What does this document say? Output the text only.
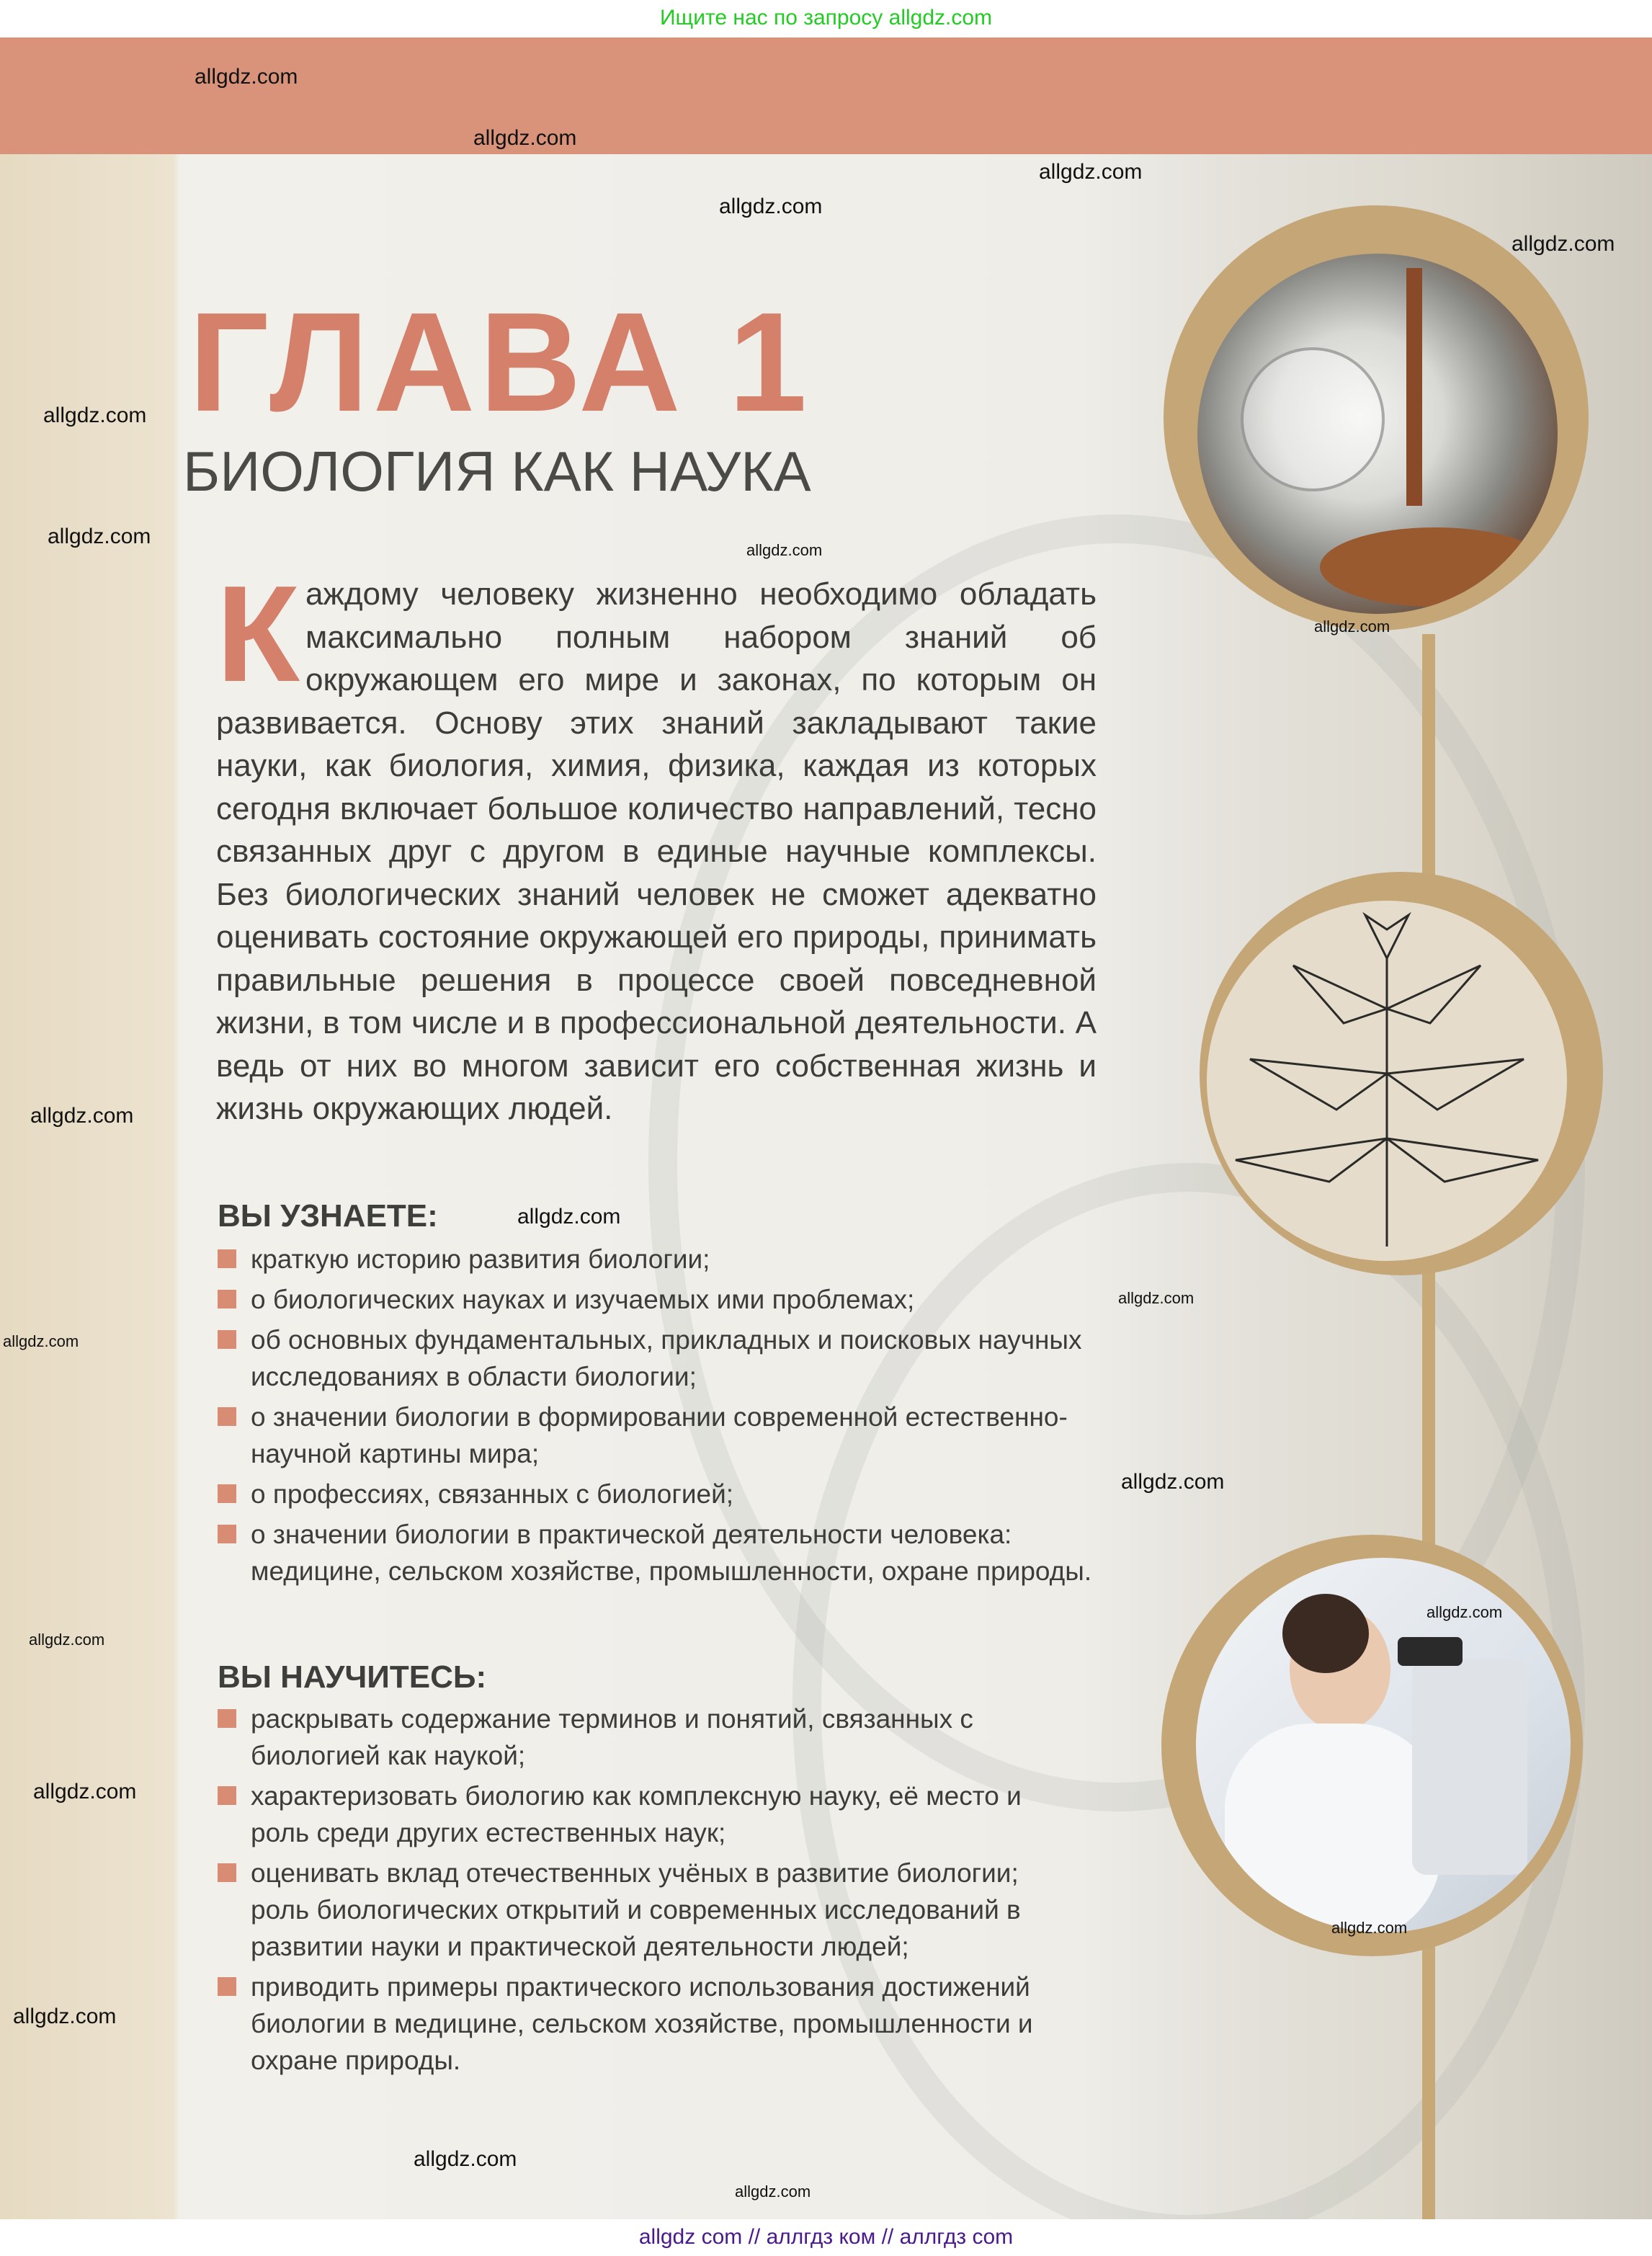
Ищите нас по запросу allgdz.com
ГЛАВА 1
БИОЛОГИЯ КАК НАУКА
К аждому человеку жизненно необходимо обладать максимально полным набором знаний об окружающем его мире и законах, по которым он развивается. Основу этих знаний закладывают такие науки, как биология, химия, физика, каждая из которых сегодня включает большое количество направлений, тесно связанных друг с другом в единые научные комплексы. Без биологических знаний человек не сможет адекватно оценивать состояние окружающей его природы, принимать правильные решения в процессе своей повседневной жизни, в том числе и в профессиональной деятельности. А ведь от них во многом зависит его собственная жизнь и жизнь окружающих людей.
ВЫ УЗНАЕТЕ:
краткую историю развития биологии;
о биологических науках и изучаемых ими проблемах;
об основных фундаментальных, прикладных и поисковых научных исследованиях в области биологии;
о значении биологии в формировании современной естественно-научной картины мира;
о профессиях, связанных с биологией;
о значении биологии в практической деятельности человека: медицине, сельском хозяйстве, промышленности, охране природы.
ВЫ НАУЧИТЕСЬ:
раскрывать содержание терминов и понятий, связанных с биологией как наукой;
характеризовать биологию как комплексную науку, её место и роль среди других естественных наук;
оценивать вклад отечественных учёных в развитие биологии; роль биологических открытий и современных исследований в развитии науки и практической деятельности людей;
приводить примеры практического использования достижений биологии в медицине, сельском хозяйстве, промышленности и охране природы.
allgdz.com
allgdz.com
allgdz.com
allgdz.com
allgdz.com
allgdz.com
allgdz.com
allgdz.com
allgdz.com
allgdz.com
allgdz.com
allgdz.com
allgdz.com
allgdz.com
allgdz.com
allgdz.com
allgdz.com
allgdz.com
allgdz.com
allgdz.com
allgdz.com
allgdz com // аллгдз ком // аллгдз com
